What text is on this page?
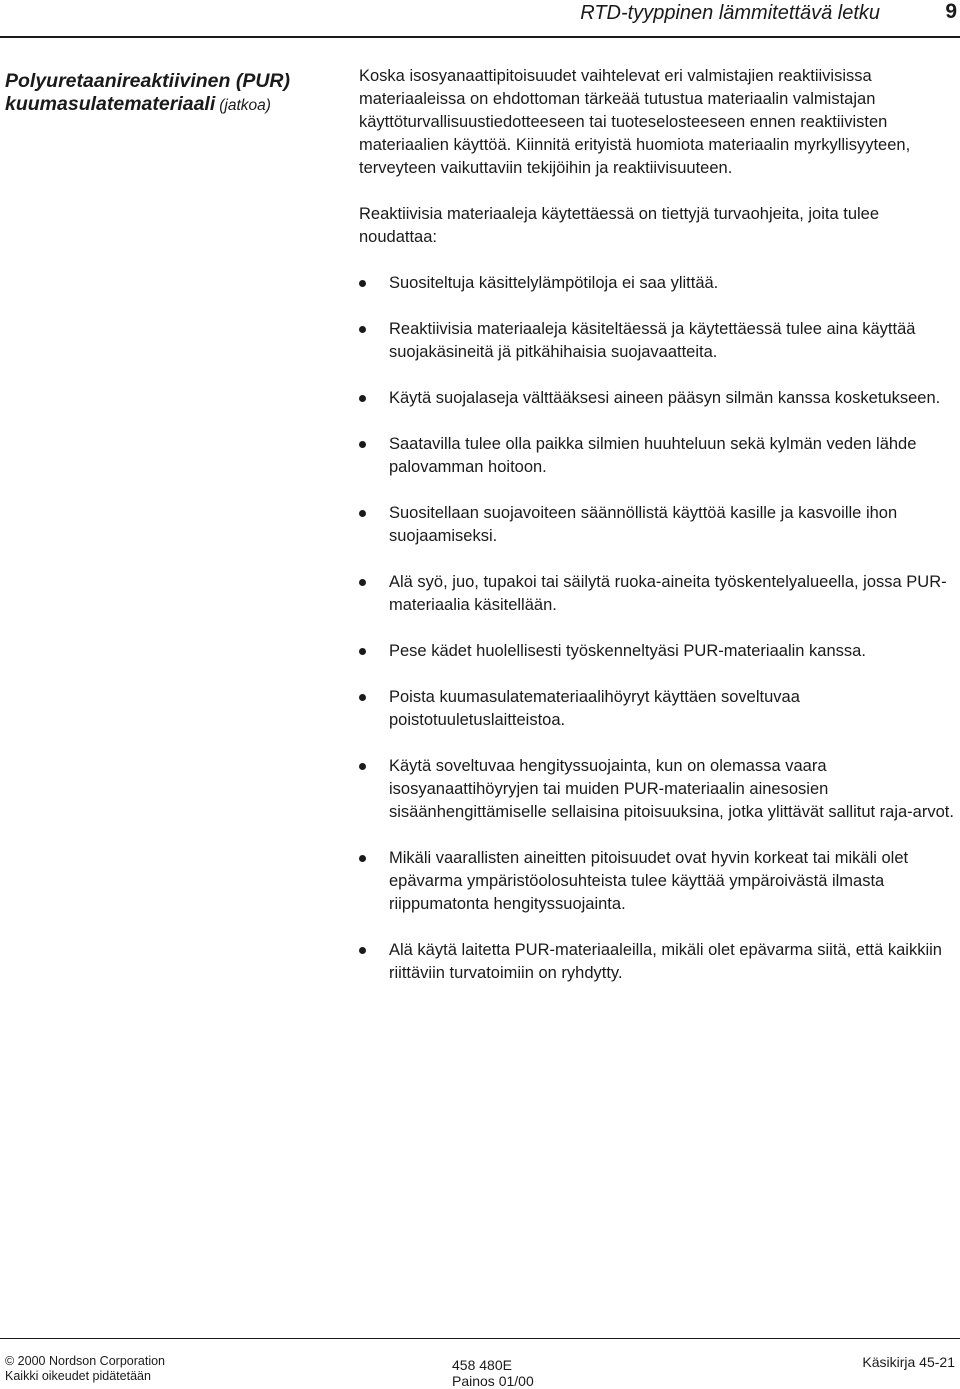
RTD-tyyppinen lämmitettävä letku	9
Polyuretaanireaktiivinen (PUR) kuumasulatemateriaali (jatkoa)

Koska isosyanaattipitoisuudet vaihtelevat eri valmistajien reaktiivisissa materiaaleissa on ehdottoman tärkeää tutustua materiaalin valmistajan käyttöturvallisuustiedotteeseen tai tuoteselosteeseen ennen reaktiivisten materiaalien käyttöä. Kiinnitä erityistä huomiota materiaalin myrkyllisyyteen, terveyteen vaikuttaviin tekijöihin ja reaktiivisuuteen.

Reaktiivisia materiaaleja käytettäessä on tiettyjä turvaohjeita, joita tulee noudattaa:

Suositeltuja käsittelylämpötiloja ei saa ylittää.
Reaktiivisia materiaaleja käsiteltäessä ja käytettäessä tulee aina käyttää suojakäsineitä jä pitkähihaisia suojavaatteita.
Käytä suojalaseja välttääksesi aineen pääsyn silmän kanssa kosketukseen.
Saatavilla tulee olla paikka silmien huuhteluun sekä kylmän veden lähde palovamman hoitoon.
Suositellaan suojavoiteen säännöllistä käyttöä kasille ja kasvoille ihon suojaamiseksi.
Alä syö, juo, tupakoi tai säilytä ruoka-aineita työskentelyalueella, jossa PUR-materiaalia käsitellään.
Pese kädet huolellisesti työskenneltyäsi PUR-materiaalin kanssa.
Poista kuumasulatemateriaalihöyryt käyttäen soveltuvaa poistotuuletuslaitteistoa.
Käytä soveltuvaa hengityssuojainta, kun on olemassa vaara isosyanaattihöyryjen tai muiden PUR-materiaalin ainesosien sisäänhengittämiselle sellaisina pitoisuuksina, jotka ylittävät sallitut raja-arvot.
Mikäli vaarallisten aineitten pitoisuudet ovat hyvin korkeat tai mikäli olet epävarma ympäristöolosuhteista tulee käyttää ympäroivästä ilmasta riippumatonta hengityssuojainta.
Alä käytä laitetta PUR-materiaaleilla, mikäli olet epävarma siitä, että kaikkiin riittäviin turvatoimiin on ryhdytty.
© 2000 Nordson Corporation
Kaikki oikeudet pidätetään
458 480E
Painos 01/00
Käsikirja 45-21
